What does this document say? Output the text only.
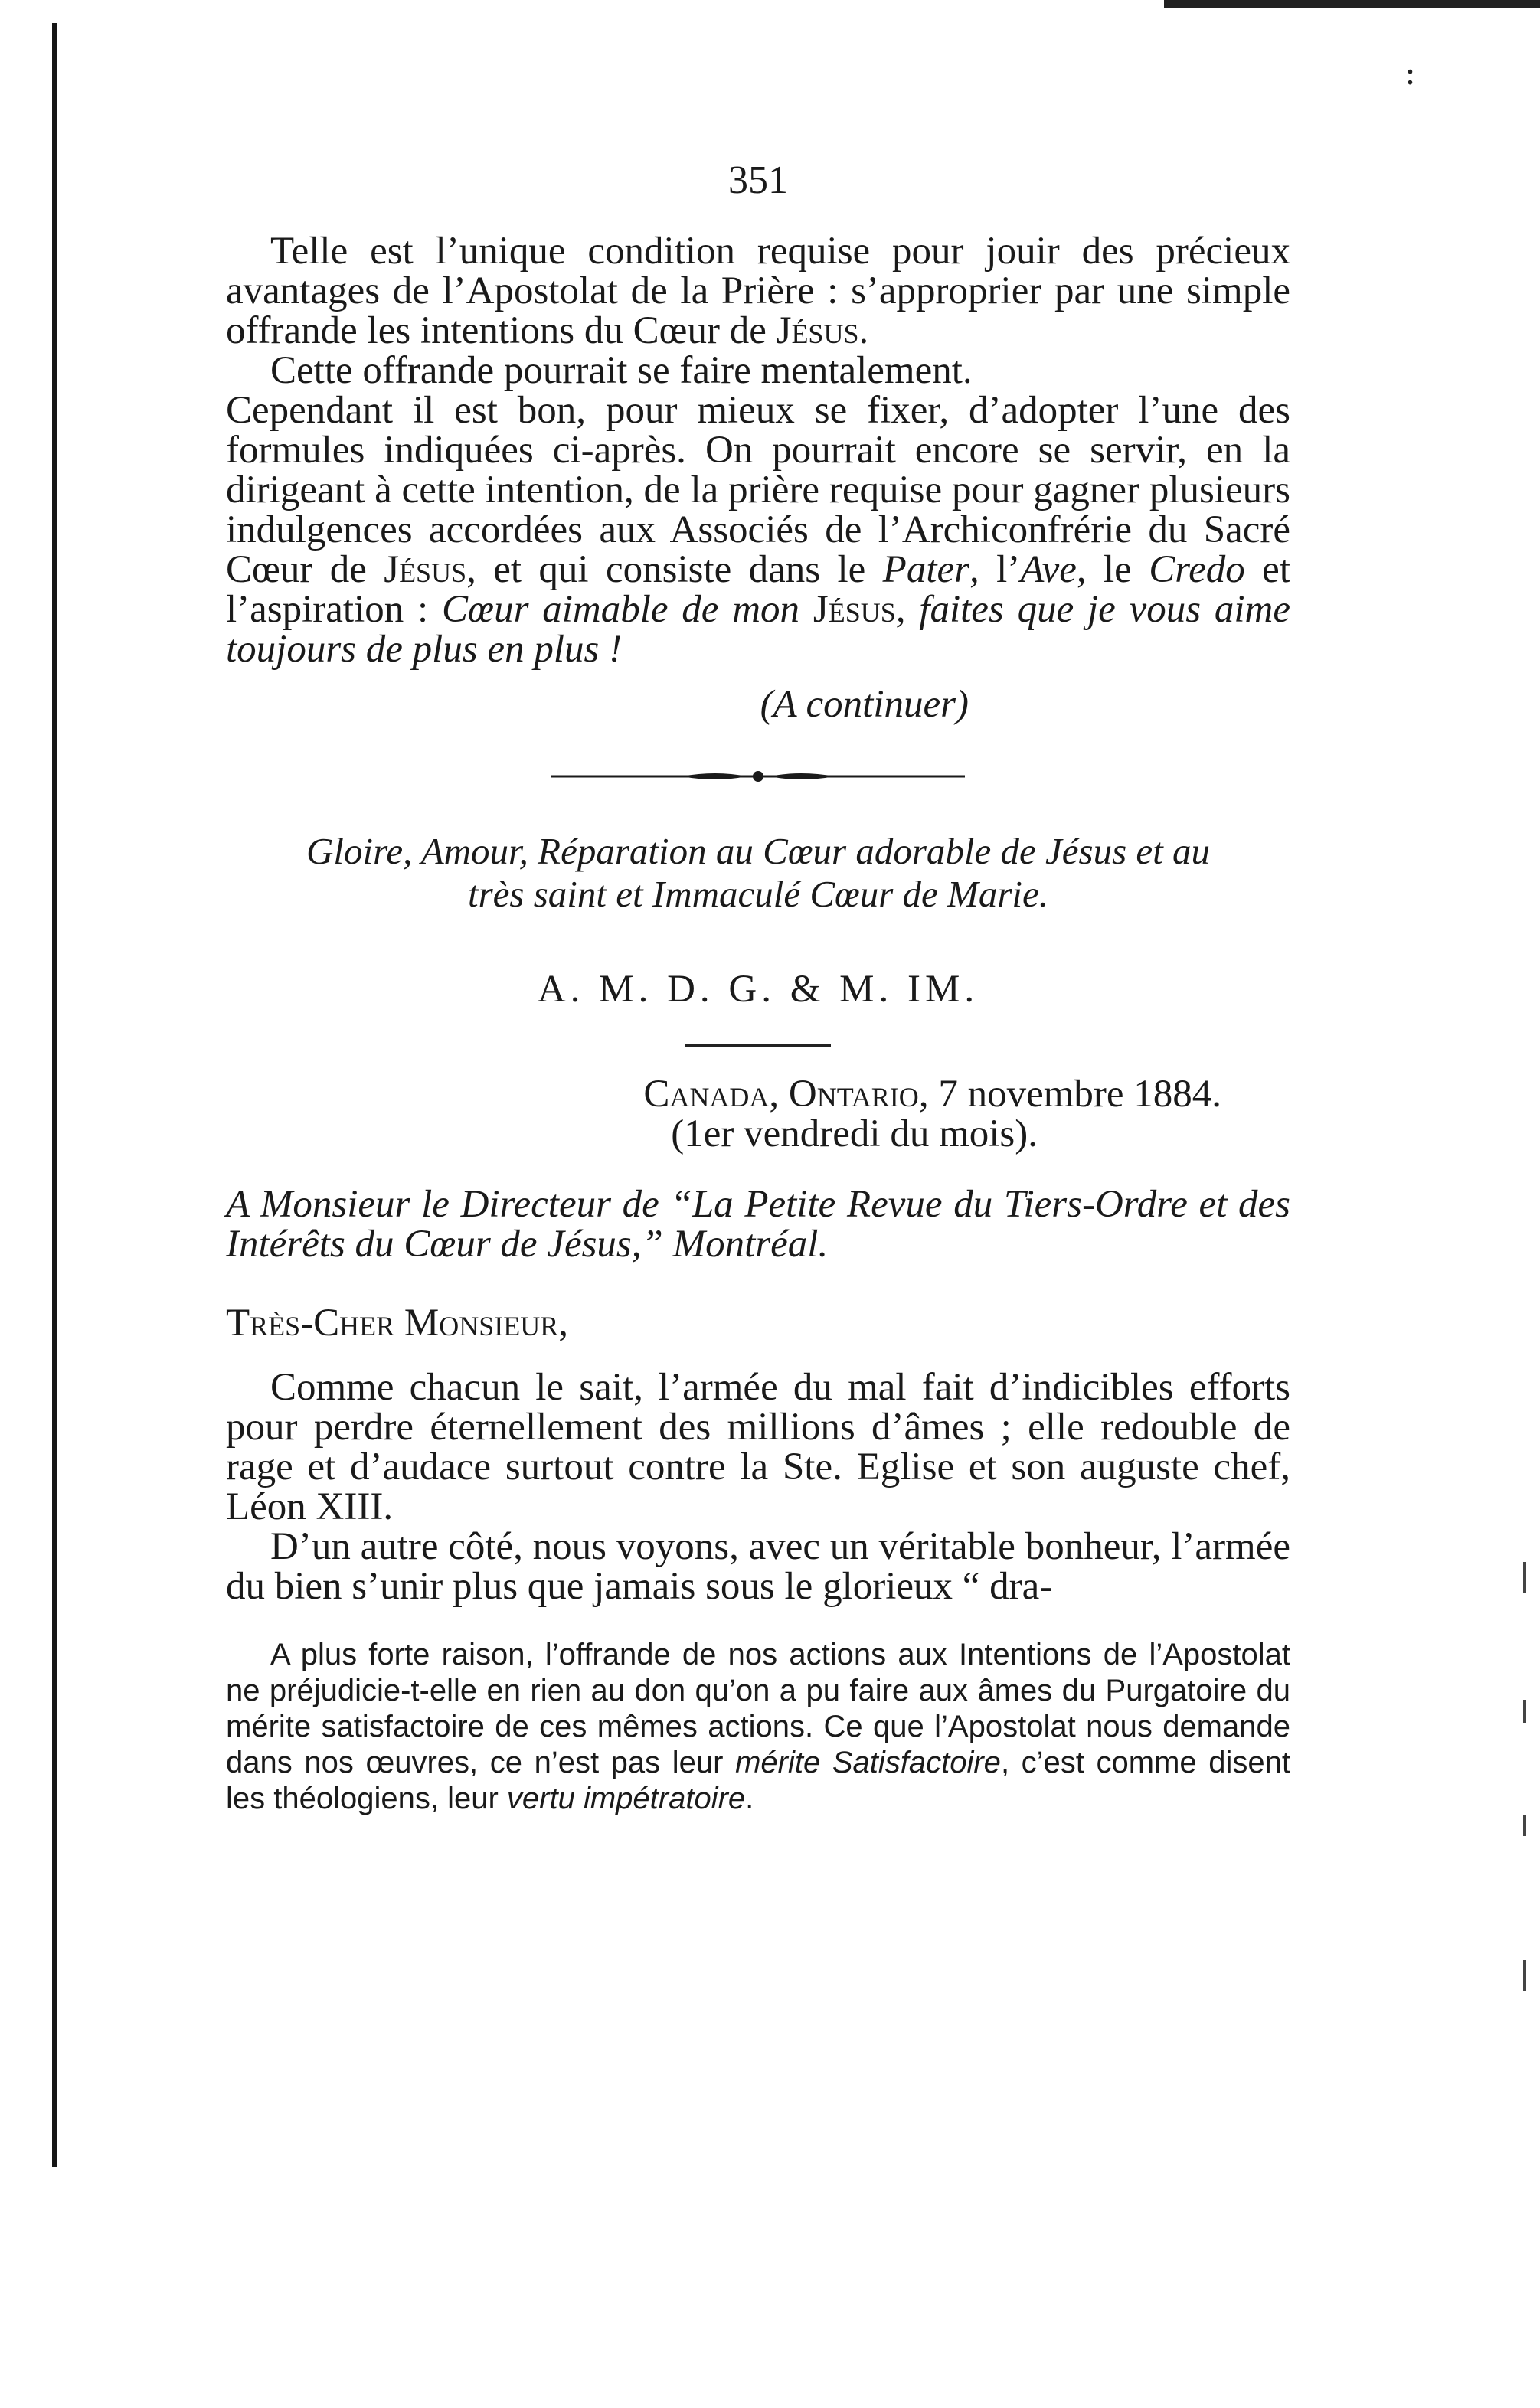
:
351

Telle est l’unique condition requise pour jouir des précieux avantages de l’Apostolat de la Prière : s’approprier par une simple offrande les intentions du Cœur de Jésus.

Cette offrande pourrait se faire mentalement.

Cependant il est bon, pour mieux se fixer, d’adopter l’une des formules indiquées ci-après. On pourrait encore se servir, en la dirigeant à cette intention, de la prière requise pour gagner plusieurs indulgences accordées aux Associés de l’Archiconfrérie du Sacré Cœur de Jésus, et qui consiste dans le Pater, l’Ave, le Credo et l’aspiration : Cœur aimable de mon Jésus, faites que je vous aime toujours de plus en plus !

(A continuer)
Gloire, Amour, Réparation au Cœur adorable de Jésus et au
très saint et Immaculé Cœur de Marie.
A. M. D. G. & M. IM.
Canada, Ontario, 7 novembre 1884.
(1er vendredi du mois).

A Monsieur le Directeur de “La Petite Revue du Tiers-Ordre et des Intérêts du Cœur de Jésus,” Montréal.

Très-Cher Monsieur,

Comme chacun le sait, l’armée du mal fait d’indicibles efforts pour perdre éternellement des millions d’âmes ; elle redouble de rage et d’audace surtout contre la Ste. Eglise et son auguste chef, Léon XIII.

D’un autre côté, nous voyons, avec un véritable bonheur, l’armée du bien s’unir plus que jamais sous le glorieux “ dra-

A plus forte raison, l’offrande de nos actions aux Intentions de l’Apostolat ne préjudicie-t-elle en rien au don qu’on a pu faire aux âmes du Purgatoire du mérite satisfactoire de ces mêmes actions. Ce que l’Apostolat nous demande dans nos œuvres, ce n’est pas leur mérite Satisfactoire, c’est comme disent les théologiens, leur vertu impétratoire.
